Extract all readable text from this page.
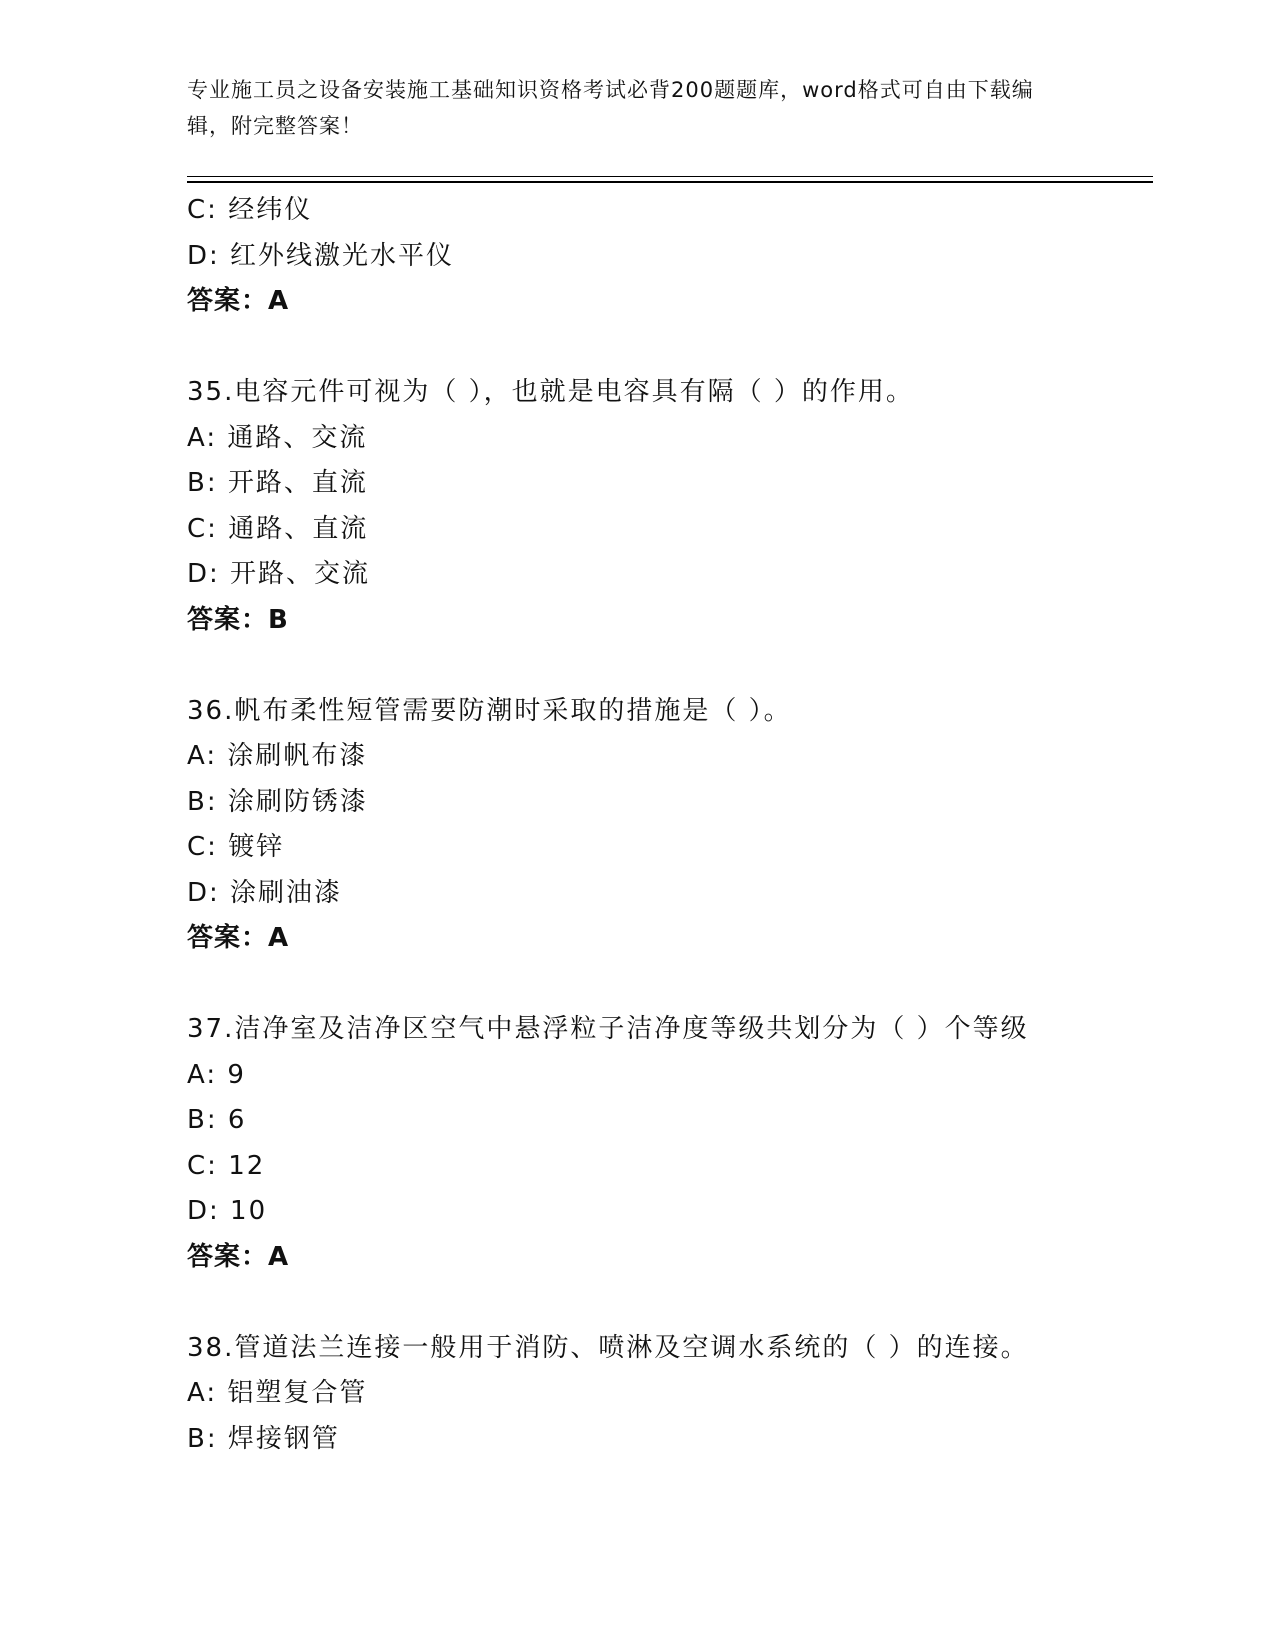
专业施工员之设备安装施工基础知识资格考试必背200题题库，word格式可自由下载编辑，附完整答案！
C: 经纬仪
D: 红外线激光水平仪
答案：A
35.电容元件可视为（ ），也就是电容具有隔（ ）的作用。
A: 通路、交流
B: 开路、直流
C: 通路、直流
D: 开路、交流
答案：B
36.帆布柔性短管需要防潮时采取的措施是（ ）。
A: 涂刷帆布漆
B: 涂刷防锈漆
C: 镀锌
D: 涂刷油漆
答案：A
37.洁净室及洁净区空气中悬浮粒子洁净度等级共划分为（ ）个等级
A: 9
B: 6
C: 12
D: 10
答案：A
38.管道法兰连接一般用于消防、喷淋及空调水系统的（ ）的连接。
A: 铝塑复合管
B: 焊接钢管
